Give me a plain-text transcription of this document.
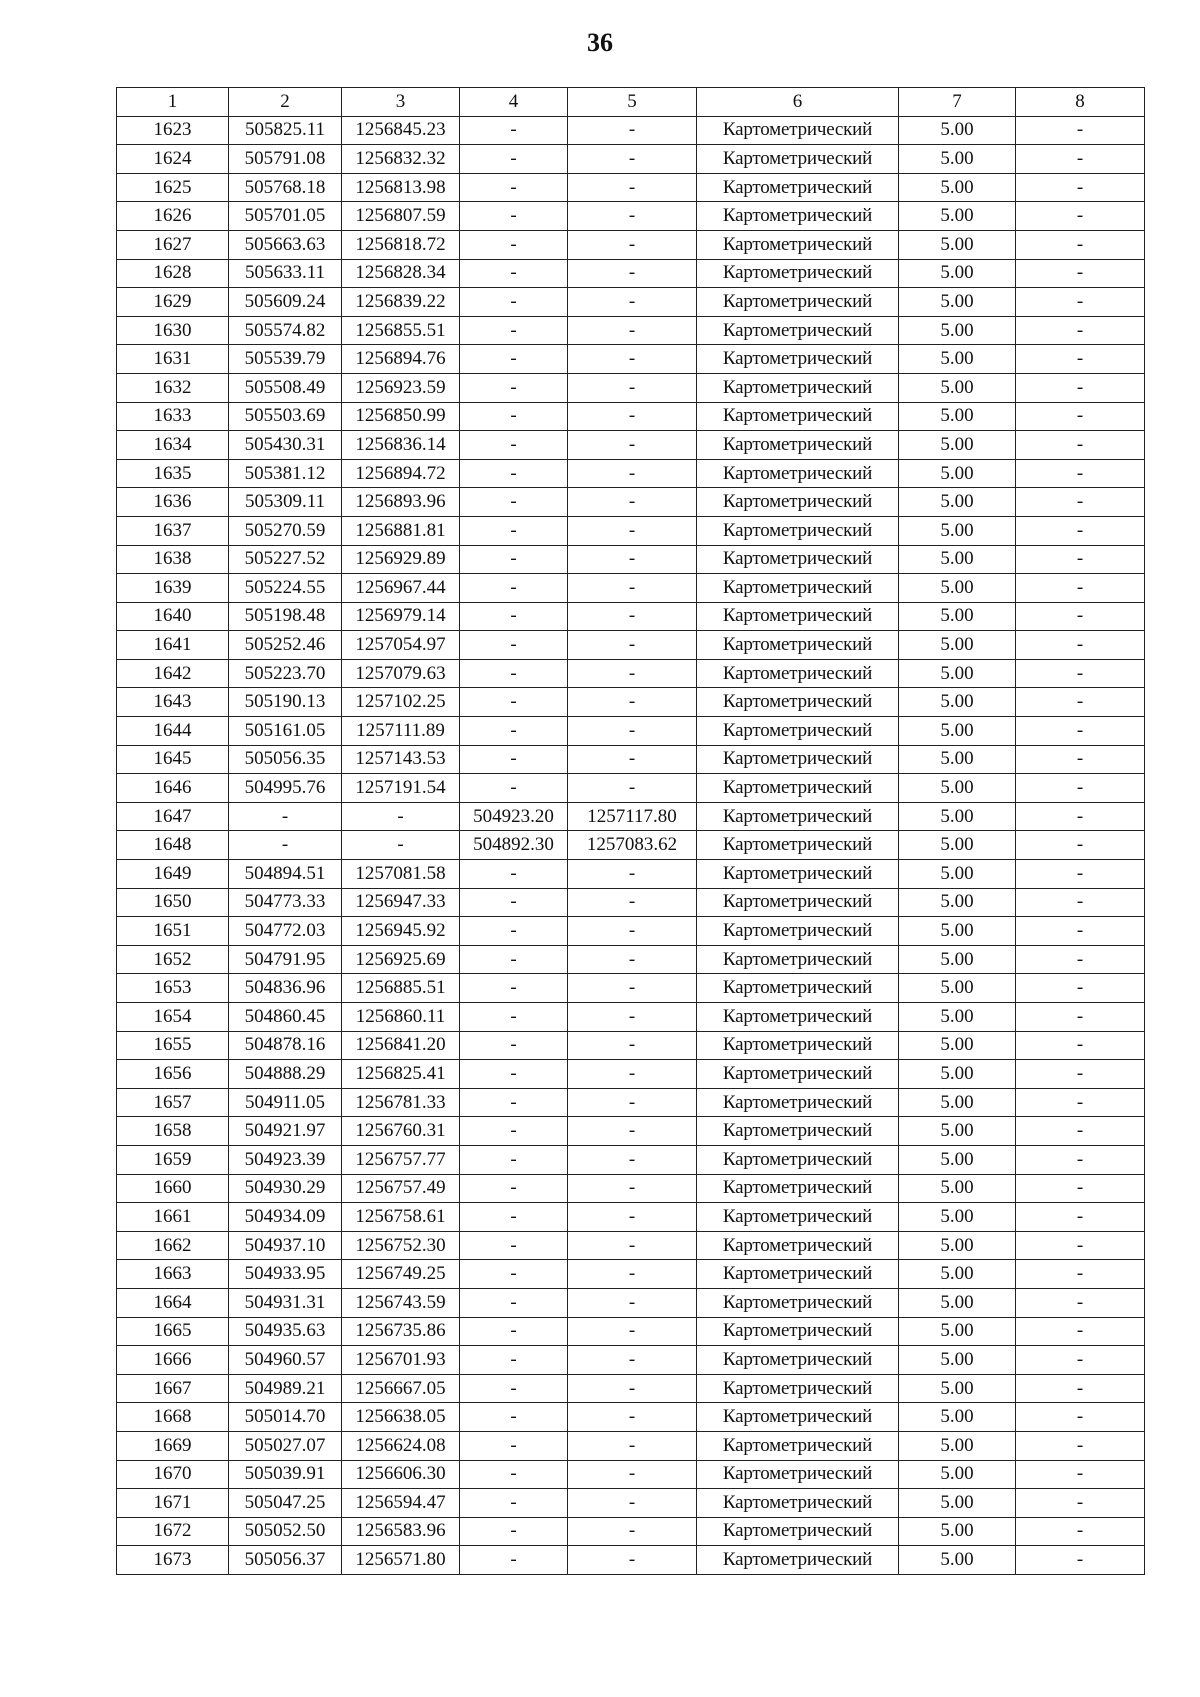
36
1	2	3	4	5	6	7	8
1623	505825.11	1256845.23	-	-	Картометрический	5.00	-
1624	505791.08	1256832.32	-	-	Картометрический	5.00	-
1625	505768.18	1256813.98	-	-	Картометрический	5.00	-
1626	505701.05	1256807.59	-	-	Картометрический	5.00	-
1627	505663.63	1256818.72	-	-	Картометрический	5.00	-
1628	505633.11	1256828.34	-	-	Картометрический	5.00	-
1629	505609.24	1256839.22	-	-	Картометрический	5.00	-
1630	505574.82	1256855.51	-	-	Картометрический	5.00	-
1631	505539.79	1256894.76	-	-	Картометрический	5.00	-
1632	505508.49	1256923.59	-	-	Картометрический	5.00	-
1633	505503.69	1256850.99	-	-	Картометрический	5.00	-
1634	505430.31	1256836.14	-	-	Картометрический	5.00	-
1635	505381.12	1256894.72	-	-	Картометрический	5.00	-
1636	505309.11	1256893.96	-	-	Картометрический	5.00	-
1637	505270.59	1256881.81	-	-	Картометрический	5.00	-
1638	505227.52	1256929.89	-	-	Картометрический	5.00	-
1639	505224.55	1256967.44	-	-	Картометрический	5.00	-
1640	505198.48	1256979.14	-	-	Картометрический	5.00	-
1641	505252.46	1257054.97	-	-	Картометрический	5.00	-
1642	505223.70	1257079.63	-	-	Картометрический	5.00	-
1643	505190.13	1257102.25	-	-	Картометрический	5.00	-
1644	505161.05	1257111.89	-	-	Картометрический	5.00	-
1645	505056.35	1257143.53	-	-	Картометрический	5.00	-
1646	504995.76	1257191.54	-	-	Картометрический	5.00	-
1647	-	-	504923.20	1257117.80	Картометрический	5.00	-
1648	-	-	504892.30	1257083.62	Картометрический	5.00	-
1649	504894.51	1257081.58	-	-	Картометрический	5.00	-
1650	504773.33	1256947.33	-	-	Картометрический	5.00	-
1651	504772.03	1256945.92	-	-	Картометрический	5.00	-
1652	504791.95	1256925.69	-	-	Картометрический	5.00	-
1653	504836.96	1256885.51	-	-	Картометрический	5.00	-
1654	504860.45	1256860.11	-	-	Картометрический	5.00	-
1655	504878.16	1256841.20	-	-	Картометрический	5.00	-
1656	504888.29	1256825.41	-	-	Картометрический	5.00	-
1657	504911.05	1256781.33	-	-	Картометрический	5.00	-
1658	504921.97	1256760.31	-	-	Картометрический	5.00	-
1659	504923.39	1256757.77	-	-	Картометрический	5.00	-
1660	504930.29	1256757.49	-	-	Картометрический	5.00	-
1661	504934.09	1256758.61	-	-	Картометрический	5.00	-
1662	504937.10	1256752.30	-	-	Картометрический	5.00	-
1663	504933.95	1256749.25	-	-	Картометрический	5.00	-
1664	504931.31	1256743.59	-	-	Картометрический	5.00	-
1665	504935.63	1256735.86	-	-	Картометрический	5.00	-
1666	504960.57	1256701.93	-	-	Картометрический	5.00	-
1667	504989.21	1256667.05	-	-	Картометрический	5.00	-
1668	505014.70	1256638.05	-	-	Картометрический	5.00	-
1669	505027.07	1256624.08	-	-	Картометрический	5.00	-
1670	505039.91	1256606.30	-	-	Картометрический	5.00	-
1671	505047.25	1256594.47	-	-	Картометрический	5.00	-
1672	505052.50	1256583.96	-	-	Картометрический	5.00	-
1673	505056.37	1256571.80	-	-	Картометрический	5.00	-
